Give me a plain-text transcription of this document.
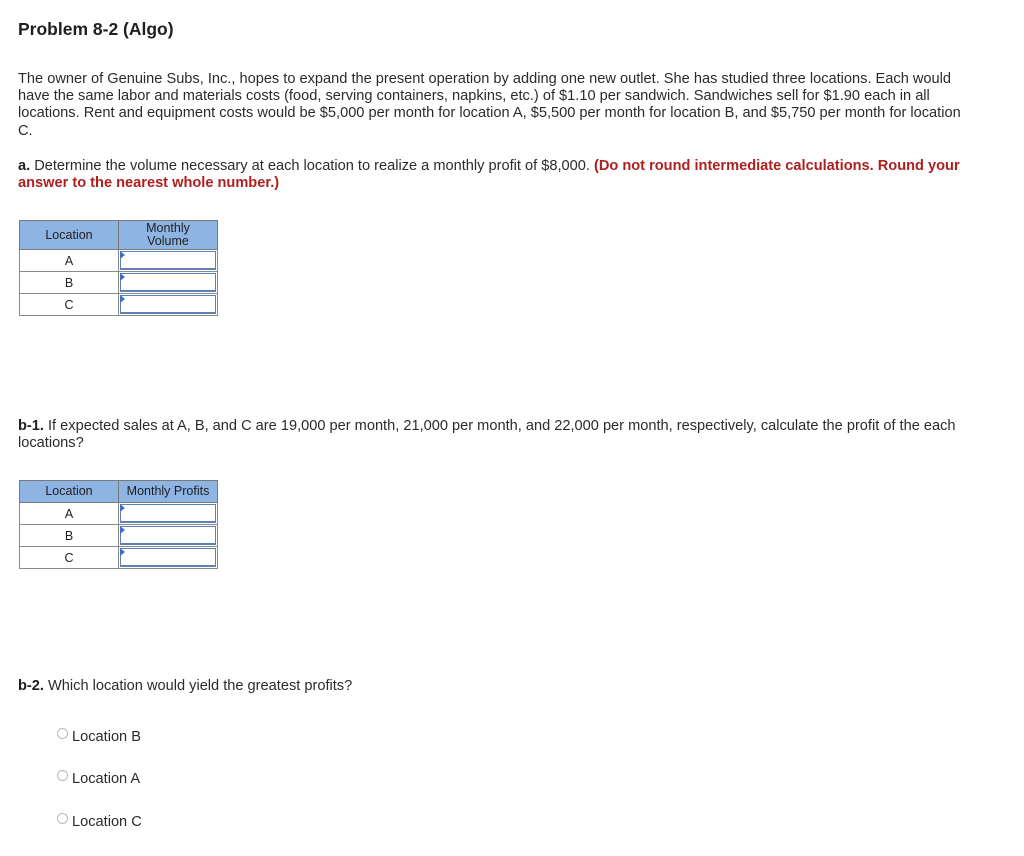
Problem 8-2 (Algo)

The owner of Genuine Subs, Inc., hopes to expand the present operation by adding one new outlet. She has studied three locations. Each would have the same labor and materials costs (food, serving containers, napkins, etc.) of $1.10 per sandwich. Sandwiches sell for $1.90 each in all locations. Rent and equipment costs would be $5,000 per month for location A, $5,500 per month for location B, and $5,750 per month for location C.

a. Determine the volume necessary at each location to realize a monthly profit of $8,000. (Do not round intermediate calculations. Round your answer to the nearest whole number.)

Location	Monthly
Volume
A	

B	

C	

b-1. If expected sales at A, B, and C are 19,000 per month, 21,000 per month, and 22,000 per month, respectively, calculate the profit of the each locations?

Location	Monthly Profits
A	

B	

C	

b-2. Which location would yield the greatest profits?

Location B
Location A
Location C
